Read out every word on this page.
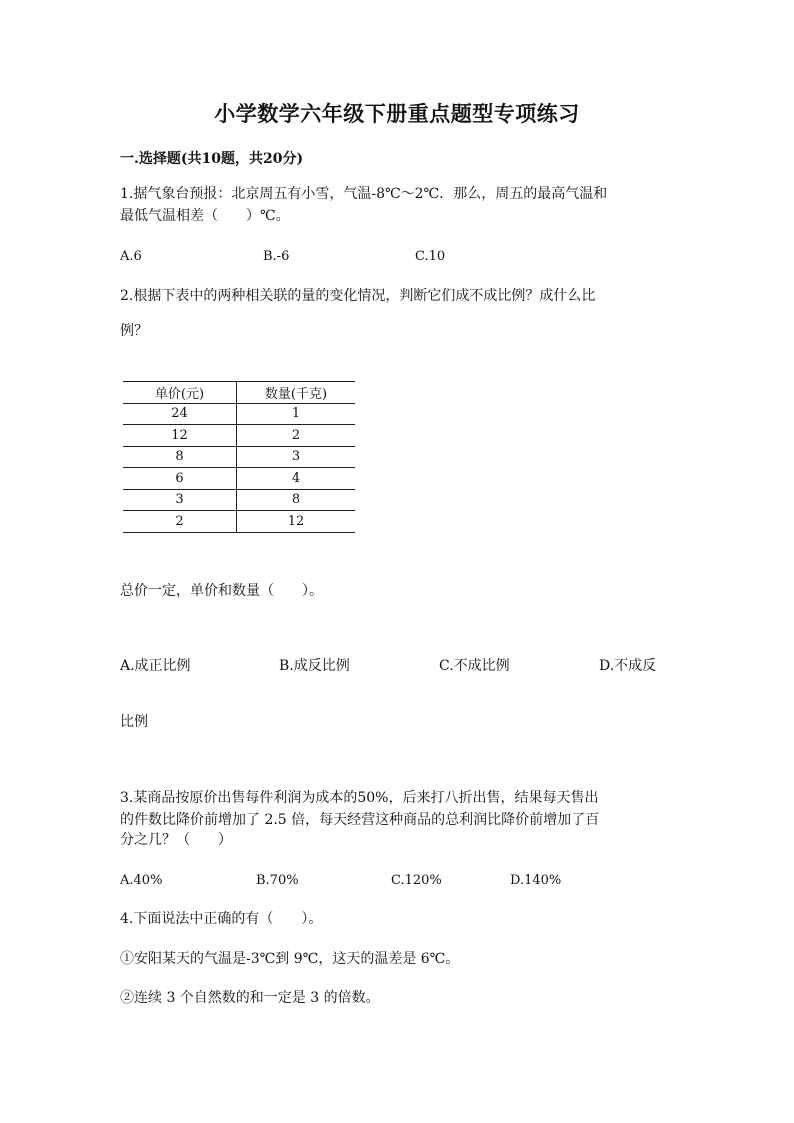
小学数学六年级下册重点题型专项练习
一.选择题(共10题，共20分)
1.据气象台预报：北京周五有小雪，气温-8℃～2℃．那么，周五的最高气温和
最低气温相差（　　）℃。
A.6	B.-6	C.10
2.根据下表中的两种相关联的量的变化情况，判断它们成不成比例？成什么比
例？
单价(元)	数量(千克)
24	1
12	2
8	3
6	4
3	8
2	12
总价一定，单价和数量（　　）。
A.成正比例	B.成反比例	C.不成比例	D.不成反
比例
3.某商品按原价出售每件利润为成本的50%，后来打八折出售，结果每天售出
的件数比降价前增加了 2.5 倍，每天经营这种商品的总利润比降价前增加了百
分之几？（　　）
A.40%	B.70%	C.120%	D.140%
4.下面说法中正确的有（　　）。
①安阳某天的气温是-3℃到 9℃，这天的温差是 6℃。
②连续 3 个自然数的和一定是 3 的倍数。
